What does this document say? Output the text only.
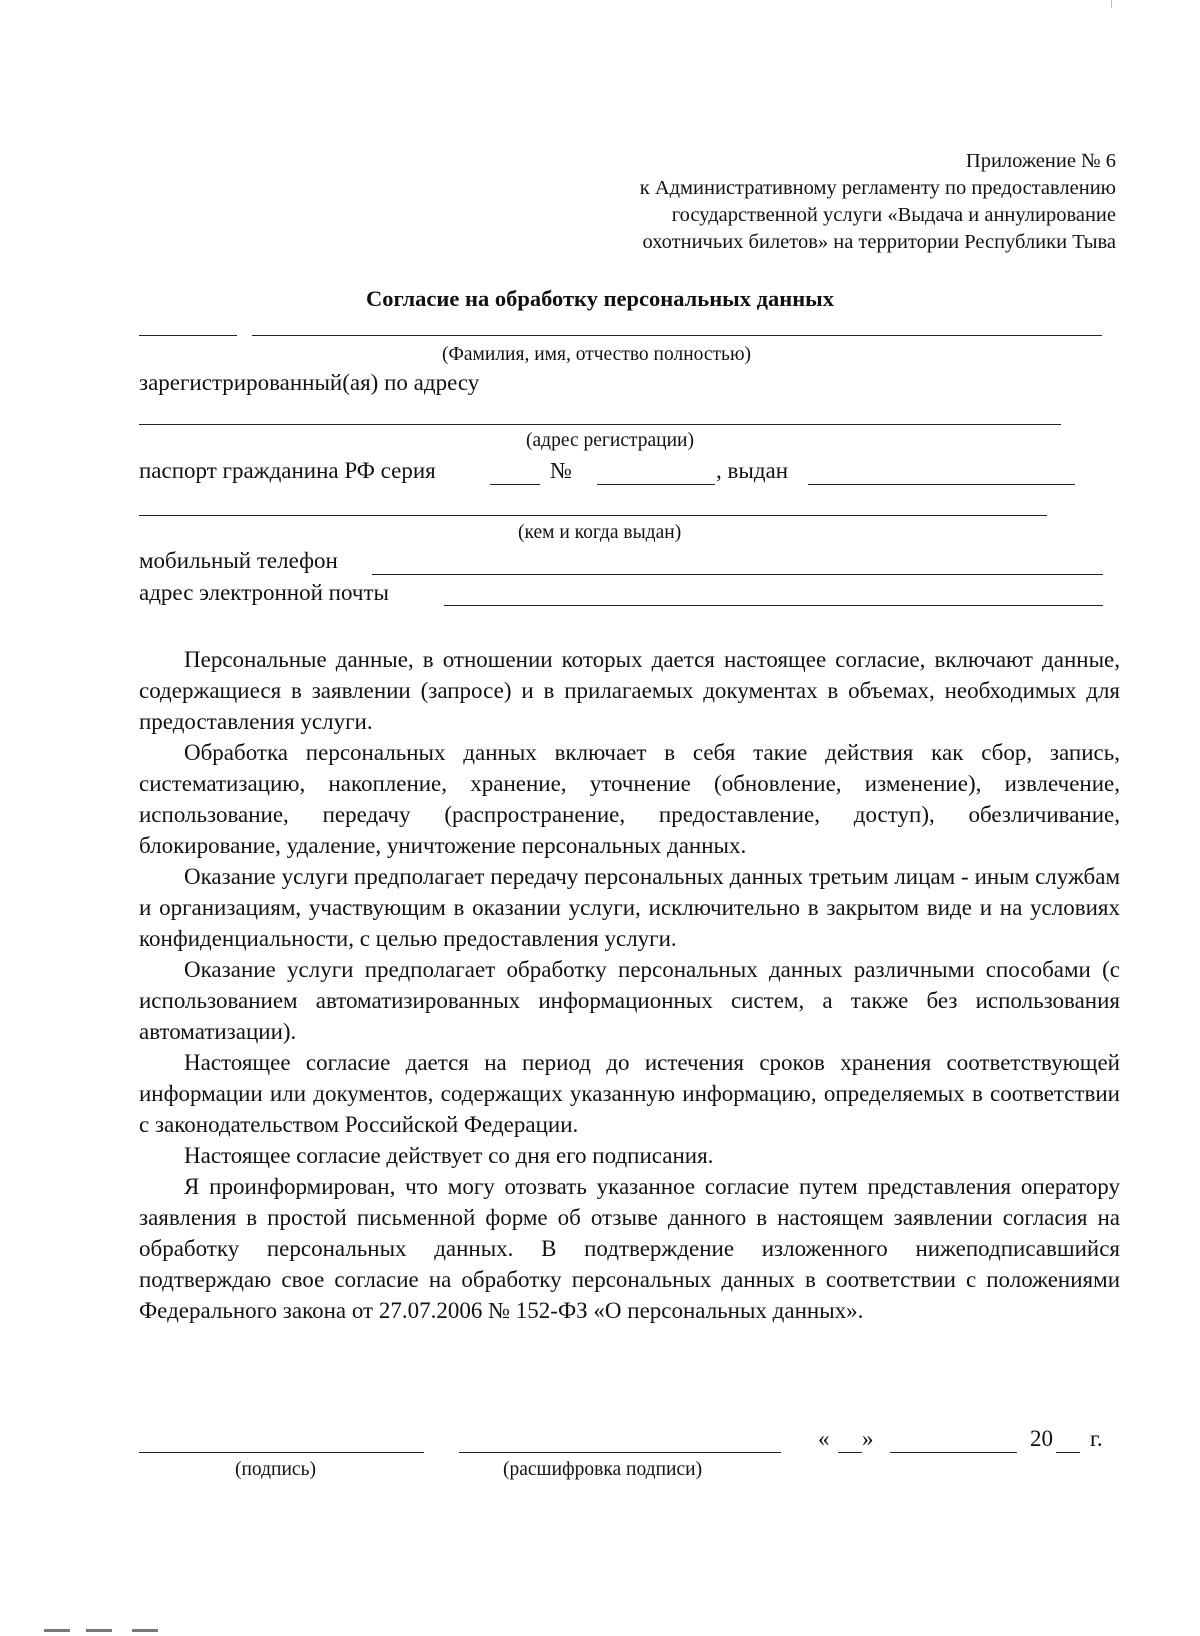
Приложение № 6
к Административному регламенту по предоставлению
государственной услуги «Выдача и аннулирование
охотничьих билетов» на территории Республики Тыва
Согласие на обработку персональных данных
(Фамилия, имя, отчество полностью)
зарегистрированный(ая) по адресу
(адрес регистрации)
паспорт гражданина РФ серия	№	, выдан
(кем и когда выдан)
мобильный телефон
адрес электронной почты

Персональные данные, в отношении которых дается настоящее согласие, включают данные, содержащиеся в заявлении (запросе) и в прилагаемых документах в объемах, необходимых для предоставления услуги.

Обработка персональных данных включает в себя такие действия как сбор, запись, систематизацию, накопление, хранение, уточнение (обновление, изменение), извлечение, использование, передачу (распространение, предоставление, доступ), обезличивание, блокирование, удаление, уничтожение персональных данных.

Оказание услуги предполагает передачу персональных данных третьим лицам - иным службам и организациям, участвующим в оказании услуги, исключительно в закрытом виде и на условиях конфиденциальности, с целью предоставления услуги.

Оказание услуги предполагает обработку персональных данных различными способами (с использованием автоматизированных информационных систем, а также без использования автоматизации).

Настоящее согласие дается на период до истечения сроков хранения соответствующей информации или документов, содержащих указанную информацию, определяемых в соответствии с законодательством Российской Федерации.

Настоящее согласие действует со дня его подписания.

Я проинформирован, что могу отозвать указанное согласие путем представления оператору заявления в простой письменной форме об отзыве данного в настоящем заявлении согласия на обработку персональных данных. В подтверждение изложенного нижеподписавшийся подтверждаю свое согласие на обработку персональных данных в соответствии с положениями Федерального закона от 27.07.2006 № 152-ФЗ «О персональных данных».

« »	20 г.
(подпись)	(расшифровка подписи)
